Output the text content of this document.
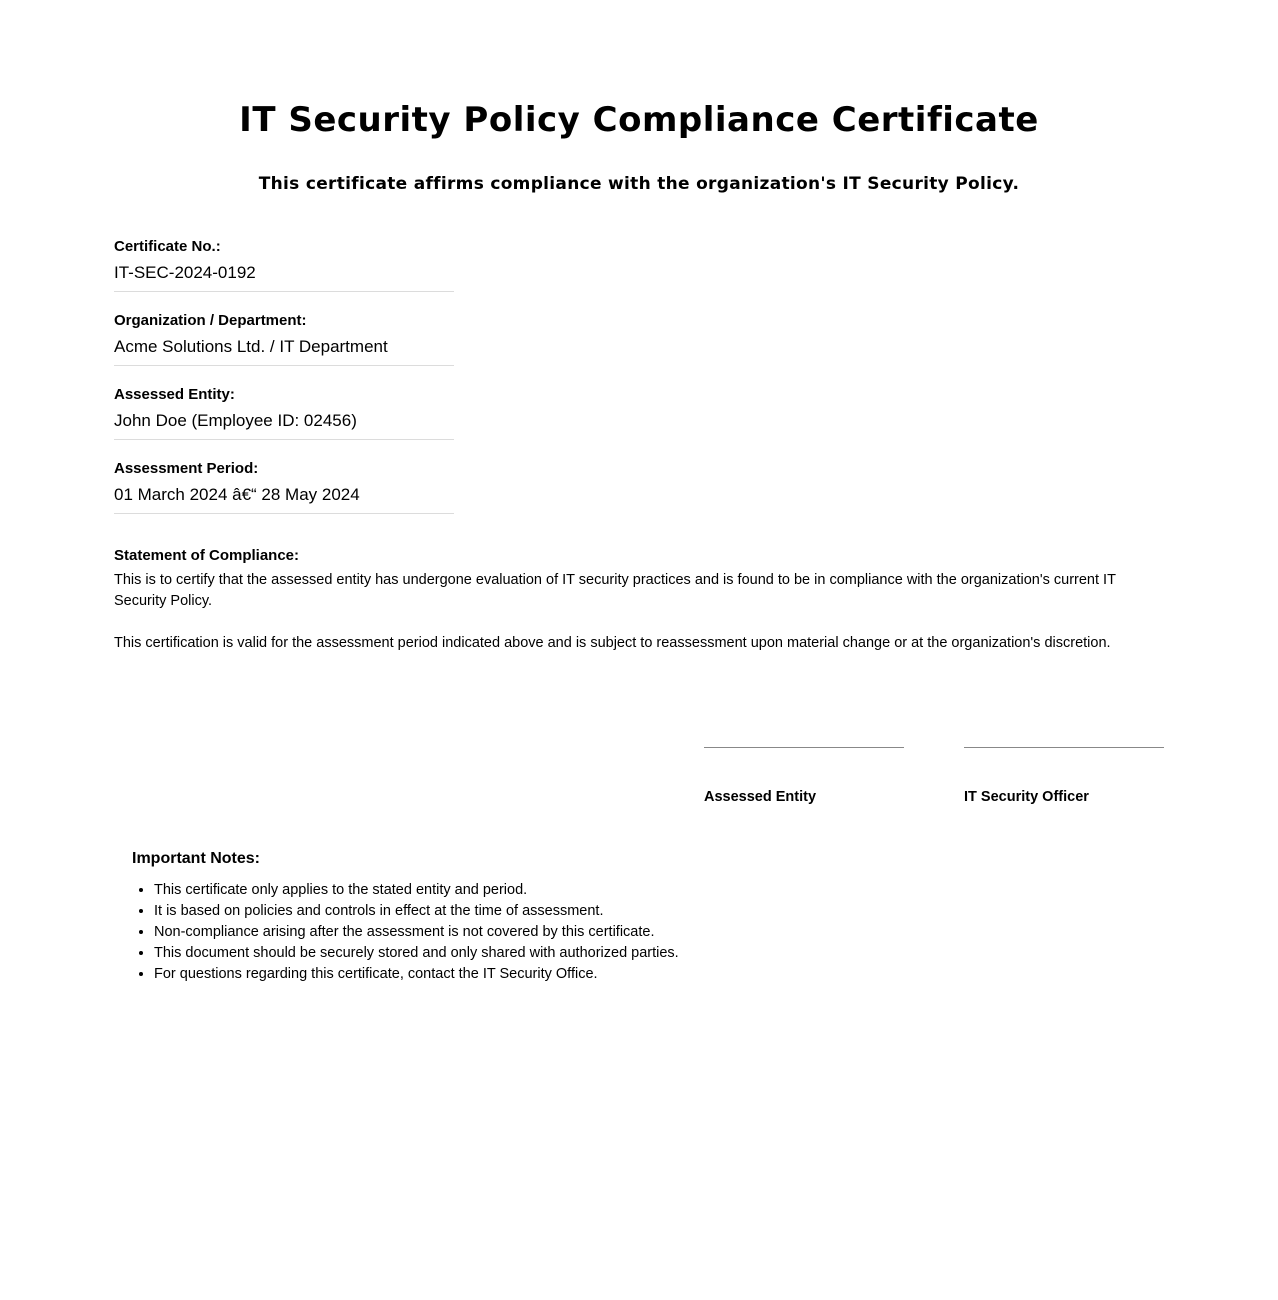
IT Security Policy Compliance Certificate
This certificate affirms compliance with the organization's IT Security Policy.
Certificate No.:
IT-SEC-2024-0192
Organization / Department:
Acme Solutions Ltd. / IT Department
Assessed Entity:
John Doe (Employee ID: 02456)
Assessment Period:
01 March 2024 â€“ 28 May 2024
Statement of Compliance:

This is to certify that the assessed entity has undergone evaluation of IT security practices and is found to be in compliance with the organization's current IT Security Policy.

This certification is valid for the assessment period indicated above and is subject to reassessment upon material change or at the organization's discretion.

Assessed Entity	IT Security Officer
Important Notes:
• This certificate only applies to the stated entity and period.
• It is based on policies and controls in effect at the time of assessment.
• Non-compliance arising after the assessment is not covered by this certificate.
• This document should be securely stored and only shared with authorized parties.
• For questions regarding this certificate, contact the IT Security Office.
